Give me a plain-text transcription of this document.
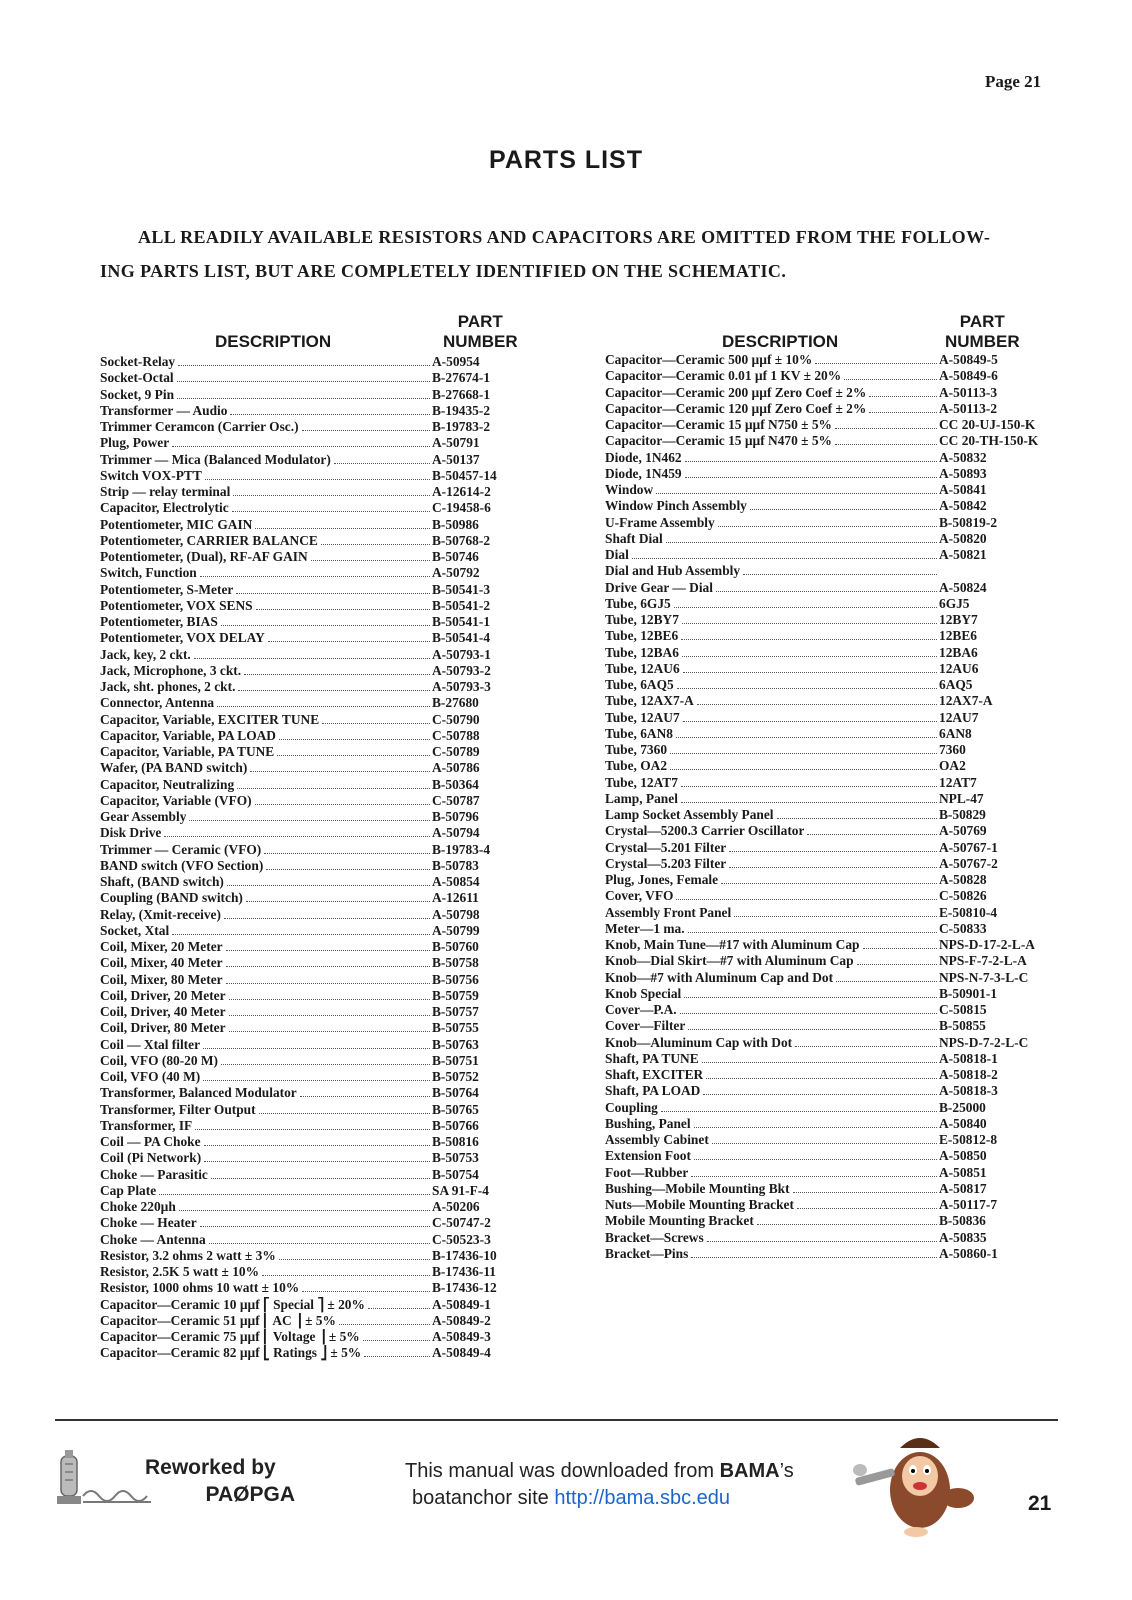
Page 21
PARTS LIST

ALL READILY AVAILABLE RESISTORS AND CAPACITORS ARE OMITTED FROM THE FOLLOW-

ING PARTS LIST, BUT ARE COMPLETELY IDENTIFIED ON THE SCHEMATIC.

DESCRIPTION
PART
NUMBER
Socket-Relay	A-50954
Socket-Octal	B-27674-1
Socket, 9 Pin	B-27668-1
Transformer — Audio	B-19435-2
Trimmer Ceramcon (Carrier Osc.)	B-19783-2
Plug, Power	A-50791
Trimmer — Mica (Balanced Modulator)	A-50137
Switch VOX-PTT	B-50457-14
Strip — relay terminal	A-12614-2
Capacitor, Electrolytic	C-19458-6
Potentiometer, MIC GAIN	B-50986
Potentiometer, CARRIER BALANCE	B-50768-2
Potentiometer, (Dual), RF-AF GAIN	B-50746
Switch, Function	A-50792
Potentiometer, S-Meter	B-50541-3
Potentiometer, VOX SENS	B-50541-2
Potentiometer, BIAS	B-50541-1
Potentiometer, VOX DELAY	B-50541-4
Jack, key, 2 ckt.	A-50793-1
Jack, Microphone, 3 ckt.	A-50793-2
Jack, sht. phones, 2 ckt.	A-50793-3
Connector, Antenna	B-27680
Capacitor, Variable, EXCITER TUNE	C-50790
Capacitor, Variable, PA LOAD	C-50788
Capacitor, Variable, PA TUNE	C-50789
Wafer, (PA BAND switch)	A-50786
Capacitor, Neutralizing	B-50364
Capacitor, Variable (VFO)	C-50787
Gear Assembly	B-50796
Disk Drive	A-50794
Trimmer — Ceramic (VFO)	B-19783-4
BAND switch (VFO Section)	B-50783
Shaft, (BAND switch)	A-50854
Coupling (BAND switch)	A-12611
Relay, (Xmit-receive)	A-50798
Socket, Xtal	A-50799
Coil, Mixer, 20 Meter	B-50760
Coil, Mixer, 40 Meter	B-50758
Coil, Mixer, 80 Meter	B-50756
Coil, Driver, 20 Meter	B-50759
Coil, Driver, 40 Meter	B-50757
Coil, Driver, 80 Meter	B-50755
Coil — Xtal filter	B-50763
Coil, VFO (80-20 M)	B-50751
Coil, VFO (40 M)	B-50752
Transformer, Balanced Modulator	B-50764
Transformer, Filter Output	B-50765
Transformer, IF	B-50766
Coil — PA Choke	B-50816
Coil (Pi Network)	B-50753
Choke — Parasitic	B-50754
Cap Plate	SA 91-F-4
Choke 220µh	A-50206
Choke — Heater	C-50747-2
Choke — Antenna	C-50523-3
Resistor, 3.2 ohms 2 watt ± 3%	B-17436-10
Resistor, 2.5K 5 watt ± 10%	B-17436-11
Resistor, 1000 ohms 10 watt ± 10%	B-17436-12
Capacitor—Ceramic 10 µµf ⎡ Special ⎤ ± 20%	A-50849-1
Capacitor—Ceramic 51 µµf ⎢ AC ⎥ ± 5%	A-50849-2
Capacitor—Ceramic 75 µµf ⎢ Voltage ⎥ ± 5%	A-50849-3
Capacitor—Ceramic 82 µµf ⎣ Ratings ⎦ ± 5%	A-50849-4
DESCRIPTION
PART
NUMBER
Capacitor—Ceramic 500 µµf ± 10%	A-50849-5
Capacitor—Ceramic 0.01 µf 1 KV ± 20%	A-50849-6
Capacitor—Ceramic 200 µµf Zero Coef ± 2%	A-50113-3
Capacitor—Ceramic 120 µµf Zero Coef ± 2%	A-50113-2
Capacitor—Ceramic 15 µµf N750 ± 5%	CC 20-UJ-150-K
Capacitor—Ceramic 15 µµf N470 ± 5%	CC 20-TH-150-K
Diode, 1N462	A-50832
Diode, 1N459	A-50893
Window	A-50841
Window Pinch Assembly	A-50842
U-Frame Assembly	B-50819-2
Shaft Dial	A-50820
Dial	A-50821
Dial and Hub Assembly
Drive Gear — Dial	A-50824
Tube, 6GJ5	6GJ5
Tube, 12BY7	12BY7
Tube, 12BE6	12BE6
Tube, 12BA6	12BA6
Tube, 12AU6	12AU6
Tube, 6AQ5	6AQ5
Tube, 12AX7-A	12AX7-A
Tube, 12AU7	12AU7
Tube, 6AN8	6AN8
Tube, 7360	7360
Tube, OA2	OA2
Tube, 12AT7	12AT7
Lamp, Panel	NPL-47
Lamp Socket Assembly Panel	B-50829
Crystal—5200.3 Carrier Oscillator	A-50769
Crystal—5.201 Filter	A-50767-1
Crystal—5.203 Filter	A-50767-2
Plug, Jones, Female	A-50828
Cover, VFO	C-50826
Assembly Front Panel	E-50810-4
Meter—1 ma.	C-50833
Knob, Main Tune—#17 with Aluminum Cap	NPS-D-17-2-L-A
Knob—Dial Skirt—#7 with Aluminum Cap	NPS-F-7-2-L-A
Knob—#7 with Aluminum Cap and Dot	NPS-N-7-3-L-C
Knob Special	B-50901-1
Cover—P.A.	C-50815
Cover—Filter	B-50855
Knob—Aluminum Cap with Dot	NPS-D-7-2-L-C
Shaft, PA TUNE	A-50818-1
Shaft, EXCITER	A-50818-2
Shaft, PA LOAD	A-50818-3
Coupling	B-25000
Bushing, Panel	A-50840
Assembly Cabinet	E-50812-8
Extension Foot	A-50850
Foot—Rubber	A-50851
Bushing—Mobile Mounting Bkt	A-50817
Nuts—Mobile Mounting Bracket	A-50117-7
Mobile Mounting Bracket	B-50836
Bracket—Screws	A-50835
Bracket—Pins	A-50860-1
Reworked by
PAØPGA
This manual was downloaded from BAMA’s
boatanchor site http://bama.sbc.edu	21
